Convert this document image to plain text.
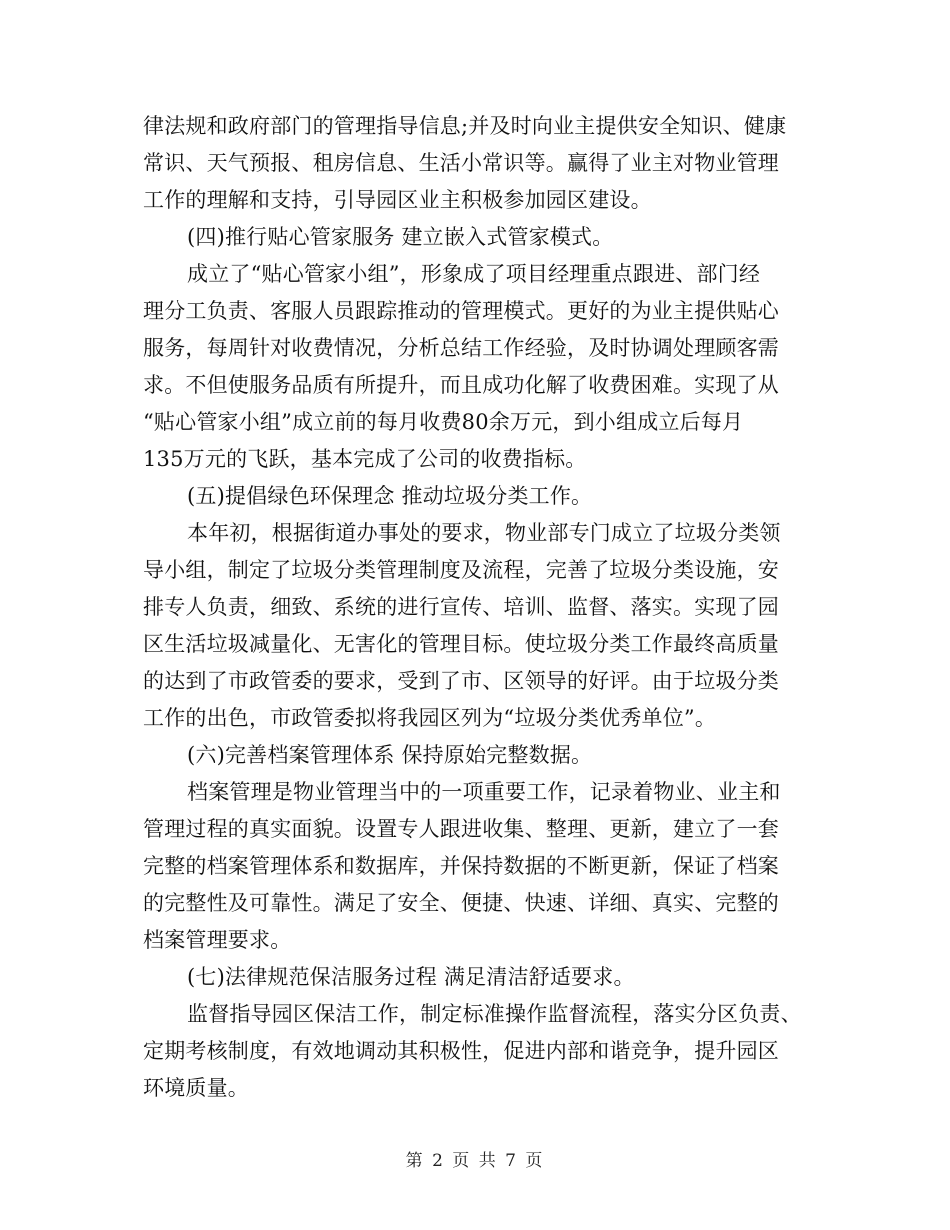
律法规和政府部门的管理指导信息;并及时向业主提供安全知识、健康
常识、天气预报、租房信息、生活小常识等。赢得了业主对物业管理
工作的理解和支持，引导园区业主积极参加园区建设。
(四)推行贴心管家服务 建立嵌入式管家模式。
成立了“贴心管家小组”，形象成了项目经理重点跟进、部门经
理分工负责、客服人员跟踪推动的管理模式。更好的为业主提供贴心
服务，每周针对收费情况，分析总结工作经验，及时协调处理顾客需
求。不但使服务品质有所提升，而且成功化解了收费困难。实现了从
“贴心管家小组”成立前的每月收费80余万元，到小组成立后每月
135万元的飞跃，基本完成了公司的收费指标。
(五)提倡绿色环保理念 推动垃圾分类工作。
本年初，根据街道办事处的要求，物业部专门成立了垃圾分类领
导小组，制定了垃圾分类管理制度及流程，完善了垃圾分类设施，安
排专人负责，细致、系统的进行宣传、培训、监督、落实。实现了园
区生活垃圾减量化、无害化的管理目标。使垃圾分类工作最终高质量
的达到了市政管委的要求，受到了市、区领导的好评。由于垃圾分类
工作的出色，市政管委拟将我园区列为“垃圾分类优秀单位”。
(六)完善档案管理体系 保持原始完整数据。
档案管理是物业管理当中的一项重要工作，记录着物业、业主和
管理过程的真实面貌。设置专人跟进收集、整理、更新，建立了一套
完整的档案管理体系和数据库，并保持数据的不断更新，保证了档案
的完整性及可靠性。满足了安全、便捷、快速、详细、真实、完整的
档案管理要求。
(七)法律规范保洁服务过程 满足清洁舒适要求。
监督指导园区保洁工作，制定标准操作监督流程，落实分区负责、
定期考核制度，有效地调动其积极性，促进内部和谐竞争，提升园区
环境质量。
第 2 页 共 7 页
